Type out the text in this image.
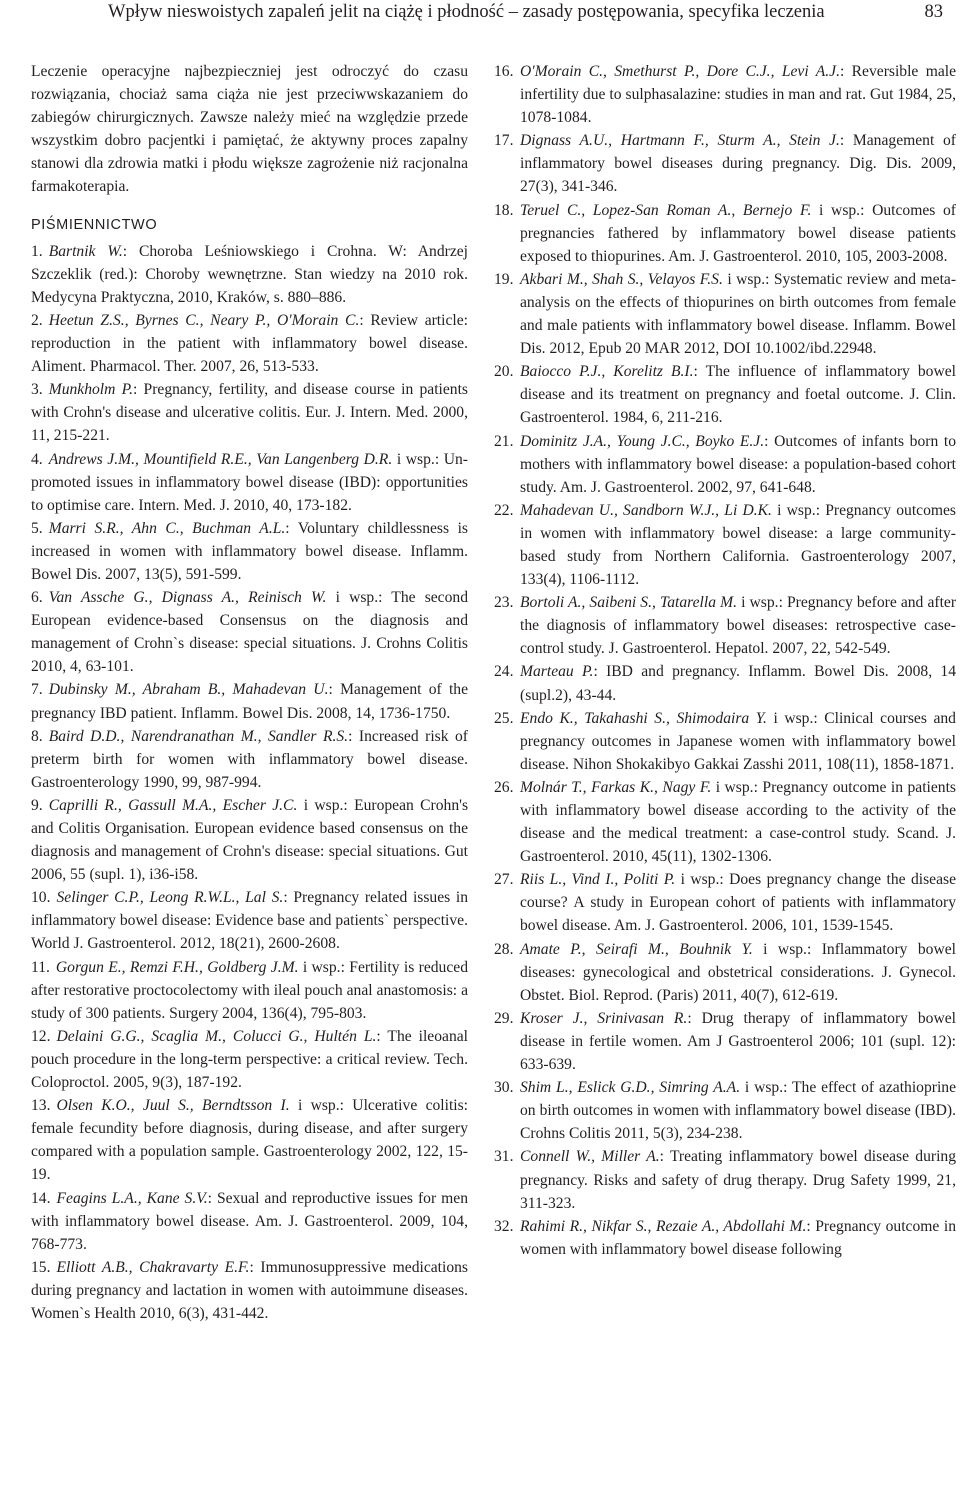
Wpływ nieswoistych zapaleń jelit na ciążę i płodność – zasady postępowania, specyfika leczenia	83

Leczenie operacyjne najbezpieczniej jest odroczyć do czasu rozwiązania, chociaż sama ciąża nie jest przeciwwskazaniem do zabiegów chirurgicznych. Zawsze należy mieć na względzie przede wszystkim dobro pacjentki i pamiętać, że aktywny proces zapalny stanowi dla zdrowia matki i płodu większe zagrożenie niż racjonalna farmakoterapia.

PIŚMIENNICTWO
1. Bartnik W.: Choroba Leśniowskiego i Crohna. W: Andrzej Szczeklik (red.): Choroby wewnętrzne. Stan wiedzy na 2010 rok. Medycyna Praktyczna, 2010, Kraków, s. 880–886.
2. Heetun Z.S., Byrnes C., Neary P., O'Morain C.: Review article: reproduction in the patient with inflammatory bowel disease. Aliment. Pharmacol. Ther. 2007, 26, 513-533.
3. Munkholm P.: Pregnancy, fertility, and disease course in patients with Crohn's disease and ulcerative colitis. Eur. J. Intern. Med. 2000, 11, 215-221.
4. Andrews J.M., Mountifield R.E., Van Langenberg D.R. i wsp.: Un-promoted issues in inflammatory bowel disease (IBD): opportunities to optimise care. Intern. Med. J. 2010, 40, 173-182.
5. Marri S.R., Ahn C., Buchman A.L.: Voluntary childlessness is increased in women with inflammatory bowel disease. Inflamm. Bowel Dis. 2007, 13(5), 591-599.
6. Van Assche G., Dignass A., Reinisch W. i wsp.: The second European evidence-based Consensus on the diagnosis and management of Crohn`s disease: special situations. J. Crohns Colitis 2010, 4, 63-101.
7. Dubinsky M., Abraham B., Mahadevan U.: Management of the pregnancy IBD patient. Inflamm. Bowel Dis. 2008, 14, 1736-1750.
8. Baird D.D., Narendranathan M., Sandler R.S.: Increased risk of preterm birth for women with inflammatory bowel disease. Gastroenterology 1990, 99, 987-994.
9. Caprilli R., Gassull M.A., Escher J.C. i wsp.: European Crohn's and Colitis Organisation. European evidence based consensus on the diagnosis and management of Crohn's disease: special situations. Gut 2006, 55 (supl. 1), i36-i58.
10. Selinger C.P., Leong R.W.L., Lal S.: Pregnancy related issues in inflammatory bowel disease: Evidence base and patients` perspective. World J. Gastroenterol. 2012, 18(21), 2600-2608.
11. Gorgun E., Remzi F.H., Goldberg J.M. i wsp.: Fertility is reduced after restorative proctocolectomy with ileal pouch anal anastomosis: a study of 300 patients. Surgery 2004, 136(4), 795-803.
12. Delaini G.G., Scaglia M., Colucci G., Hultén L.: The ileoanal pouch procedure in the long-term perspective: a critical review. Tech. Coloproctol. 2005, 9(3), 187-192.
13. Olsen K.O., Juul S., Berndtsson I. i wsp.: Ulcerative colitis: female fecundity before diagnosis, during disease, and after surgery compared with a population sample. Gastroenterology 2002, 122, 15-19.
14. Feagins L.A., Kane S.V.: Sexual and reproductive issues for men with inflammatory bowel disease. Am. J. Gastroenterol. 2009, 104, 768-773.
15. Elliott A.B., Chakravarty E.F.: Immunosuppressive medications during pregnancy and lactation in women with autoimmune diseases. Women`s Health 2010, 6(3), 431-442.
16. O'Morain C., Smethurst P., Dore C.J., Levi A.J.: Reversible male infertility due to sulphasalazine: studies in man and rat. Gut 1984, 25, 1078-1084.
17. Dignass A.U., Hartmann F., Sturm A., Stein J.: Management of inflammatory bowel diseases during pregnancy. Dig. Dis. 2009, 27(3), 341-346.
18. Teruel C., Lopez-San Roman A., Bernejo F. i wsp.: Outcomes of pregnancies fathered by inflammatory bowel disease patients exposed to thiopurines. Am. J. Gastroenterol. 2010, 105, 2003-2008.
19. Akbari M., Shah S., Velayos F.S. i wsp.: Systematic review and meta-analysis on the effects of thiopurines on birth outcomes from female and male patients with inflammatory bowel disease. Inflamm. Bowel Dis. 2012, Epub 20 MAR 2012, DOI 10.1002/ibd.22948.
20. Baiocco P.J., Korelitz B.I.: The influence of inflammatory bowel disease and its treatment on pregnancy and foetal outcome. J. Clin. Gastroenterol. 1984, 6, 211-216.
21. Dominitz J.A., Young J.C., Boyko E.J.: Outcomes of infants born to mothers with inflammatory bowel disease: a population-based cohort study. Am. J. Gastroenterol. 2002, 97, 641-648.
22. Mahadevan U., Sandborn W.J., Li D.K. i wsp.: Pregnancy outcomes in women with inflammatory bowel disease: a large community-based study from Northern California. Gastroenterology 2007, 133(4), 1106-1112.
23. Bortoli A., Saibeni S., Tatarella M. i wsp.: Pregnancy before and after the diagnosis of inflammatory bowel diseases: retrospective case-control study. J. Gastroenterol. Hepatol. 2007, 22, 542-549.
24. Marteau P.: IBD and pregnancy. Inflamm. Bowel Dis. 2008, 14 (supl.2), 43-44.
25. Endo K., Takahashi S., Shimodaira Y. i wsp.: Clinical courses and pregnancy outcomes in Japanese women with inflammatory bowel disease. Nihon Shokakibyo Gakkai Zasshi 2011, 108(11), 1858-1871.
26. Molnár T., Farkas K., Nagy F. i wsp.: Pregnancy outcome in patients with inflammatory bowel disease according to the activity of the disease and the medical treatment: a case-control study. Scand. J. Gastroenterol. 2010, 45(11), 1302-1306.
27. Riis L., Vind I., Politi P. i wsp.: Does pregnancy change the disease course? A study in European cohort of patients with inflammatory bowel disease. Am. J. Gastroenterol. 2006, 101, 1539-1545.
28. Amate P., Seirafi M., Bouhnik Y. i wsp.: Inflammatory bowel diseases: gynecological and obstetrical considerations. J. Gynecol. Obstet. Biol. Reprod. (Paris) 2011, 40(7), 612-619.
29. Kroser J., Srinivasan R.: Drug therapy of inflammatory bowel disease in fertile women. Am J Gastroenterol 2006; 101 (supl. 12): 633-639.
30. Shim L., Eslick G.D., Simring A.A. i wsp.: The effect of azathioprine on birth outcomes in women with inflammatory bowel disease (IBD). Crohns Colitis 2011, 5(3), 234-238.
31. Connell W., Miller A.: Treating inflammatory bowel disease during pregnancy. Risks and safety of drug therapy. Drug Safety 1999, 21, 311-323.
32. Rahimi R., Nikfar S., Rezaie A., Abdollahi M.: Pregnancy outcome in women with inflammatory bowel disease following
